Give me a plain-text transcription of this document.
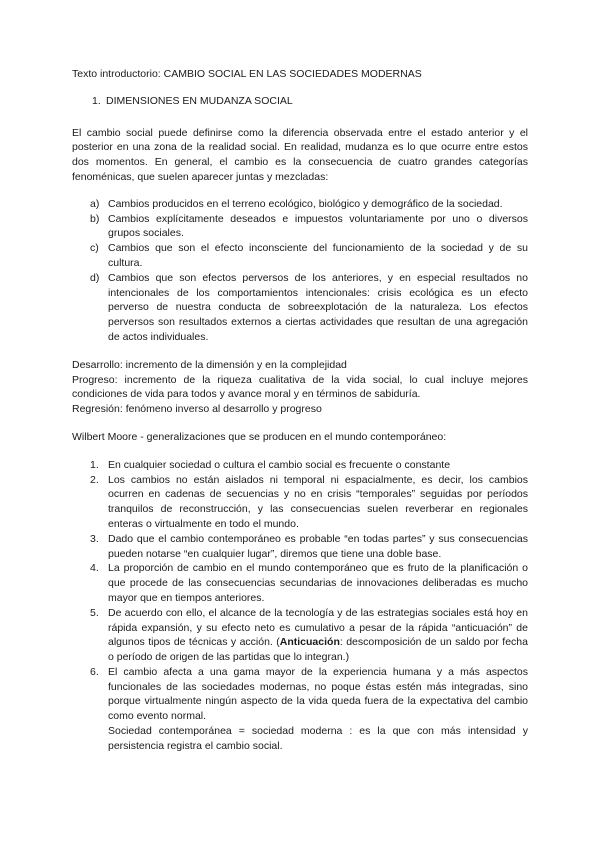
Texto introductorio: CAMBIO SOCIAL EN LAS SOCIEDADES MODERNAS
1. DIMENSIONES EN MUDANZA SOCIAL

El cambio social puede definirse como la diferencia observada entre el estado anterior y el posterior en una zona de la realidad social. En realidad, mudanza es lo que ocurre entre estos dos momentos. En general, el cambio es la consecuencia de cuatro grandes categorías fenoménicas, que suelen aparecer juntas y mezcladas:

a) Cambios producidos en el terreno ecológico, biológico y demográfico de la sociedad.
b) Cambios explícitamente deseados e impuestos voluntariamente por uno o diversos grupos sociales.
c) Cambios que son el efecto inconsciente del funcionamiento de la sociedad y de su cultura.
d) Cambios que son efectos perversos de los anteriores, y en especial resultados no intencionales de los comportamientos intencionales: crisis ecológica es un efecto perverso de nuestra conducta de sobreexplotación de la naturaleza. Los efectos perversos son resultados externos a ciertas actividades que resultan de una agregación de actos individuales.

Desarrollo: incremento de la dimensión y en la complejidad

Progreso: incremento de la riqueza cualitativa de la vida social, lo cual incluye mejores condiciones de vida para todos y avance moral y en términos de sabiduría.

Regresión: fenómeno inverso al desarrollo y progreso

Wilbert Moore - generalizaciones que se producen en el mundo contemporáneo:

1. En cualquier sociedad o cultura el cambio social es frecuente o constante
2. Los cambios no están aislados ni temporal ni espacialmente, es decir, los cambios ocurren en cadenas de secuencias y no en crisis “temporales” seguidas por períodos tranquilos de reconstrucción, y las consecuencias suelen reverberar en regionales enteras o virtualmente en todo el mundo.
3. Dado que el cambio contemporáneo es probable “en todas partes” y sus consecuencias pueden notarse “en cualquier lugar”, diremos que tiene una doble base.
4. La proporción de cambio en el mundo contemporáneo que es fruto de la planificación o que procede de las consecuencias secundarias de innovaciones deliberadas es mucho mayor que en tiempos anteriores.
5. De acuerdo con ello, el alcance de la tecnología y de las estrategias sociales está hoy en rápida expansión, y su efecto neto es cumulativo a pesar de la rápida “anticuación” de algunos tipos de técnicas y acción. (Anticuación: descomposición de un saldo por fecha o período de origen de las partidas que lo integran.)
6. El cambio afecta a una gama mayor de la experiencia humana y a más aspectos funcionales de las sociedades modernas, no poque éstas estén más integradas, sino porque virtualmente ningún aspecto de la vida queda fuera de la expectativa del cambio como evento normal.

Sociedad contemporánea = sociedad moderna : es la que con más intensidad y persistencia registra el cambio social.
